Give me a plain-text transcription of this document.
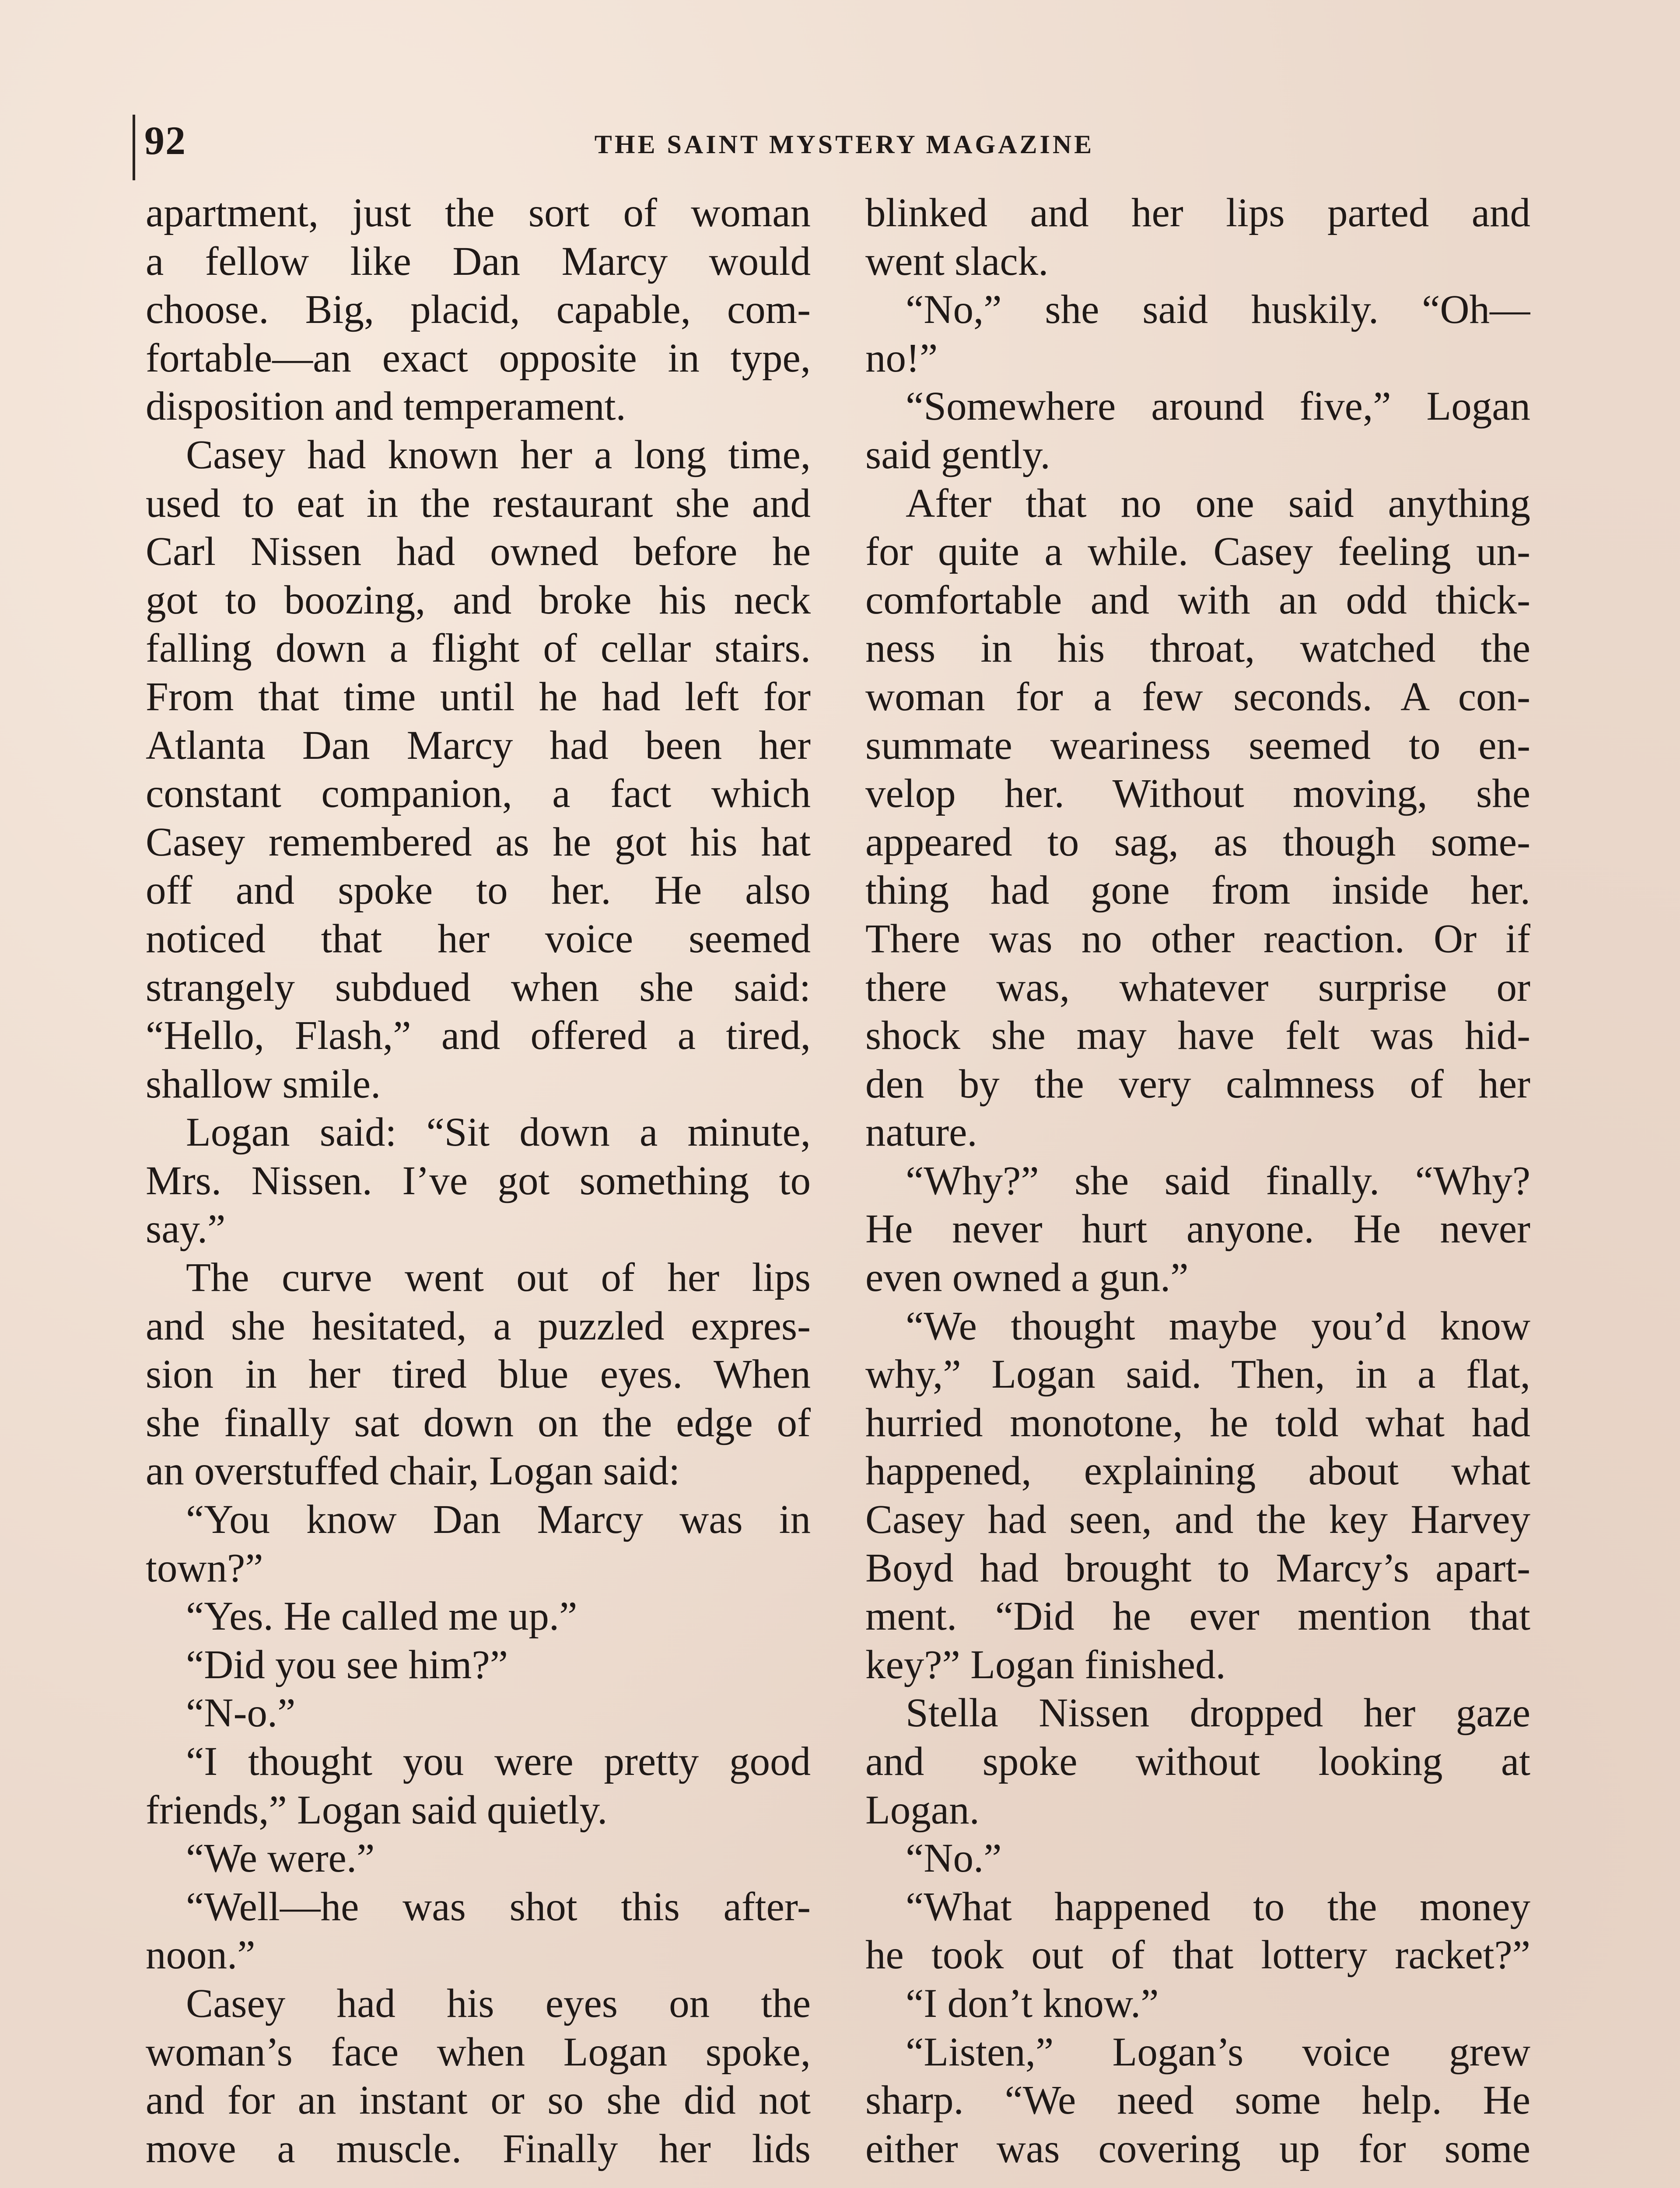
92	THE SAINT MYSTERY MAGAZINE
apartment, just the sort of woman
a fellow like Dan Marcy would
choose. Big, placid, capable, com-
fortable—an exact opposite in type,
disposition and temperament.
Casey had known her a long time,
used to eat in the restaurant she and
Carl Nissen had owned before he
got to boozing, and broke his neck
falling down a flight of cellar stairs.
From that time until he had left for
Atlanta Dan Marcy had been her
constant companion, a fact which
Casey remembered as he got his hat
off and spoke to her. He also
noticed that her voice seemed
strangely subdued when she said:
“Hello, Flash,” and offered a tired,
shallow smile.
Logan said: “Sit down a minute,
Mrs. Nissen. I’ve got something to
say.”
The curve went out of her lips
and she hesitated, a puzzled expres-
sion in her tired blue eyes. When
she finally sat down on the edge of
an overstuffed chair, Logan said:
“You know Dan Marcy was in
town?”
“Yes. He called me up.”
“Did you see him?”
“N-o.”
“I thought you were pretty good
friends,” Logan said quietly.
“We were.”
“Well—he was shot this after-
noon.”
Casey had his eyes on the
woman’s face when Logan spoke,
and for an instant or so she did not
move a muscle. Finally her lids
blinked and her lips parted and
went slack.
“No,” she said huskily. “Oh—
no!”
“Somewhere around five,” Logan
said gently.
After that no one said anything
for quite a while. Casey feeling un-
comfortable and with an odd thick-
ness in his throat, watched the
woman for a few seconds. A con-
summate weariness seemed to en-
velop her. Without moving, she
appeared to sag, as though some-
thing had gone from inside her.
There was no other reaction. Or if
there was, whatever surprise or
shock she may have felt was hid-
den by the very calmness of her
nature.
“Why?” she said finally. “Why?
He never hurt anyone. He never
even owned a gun.”
“We thought maybe you’d know
why,” Logan said. Then, in a flat,
hurried monotone, he told what had
happened, explaining about what
Casey had seen, and the key Harvey
Boyd had brought to Marcy’s apart-
ment. “Did he ever mention that
key?” Logan finished.
Stella Nissen dropped her gaze
and spoke without looking at
Logan.
“No.”
“What happened to the money
he took out of that lottery racket?”
“I don’t know.”
“Listen,” Logan’s voice grew
sharp. “We need some help. He
either was covering up for some
